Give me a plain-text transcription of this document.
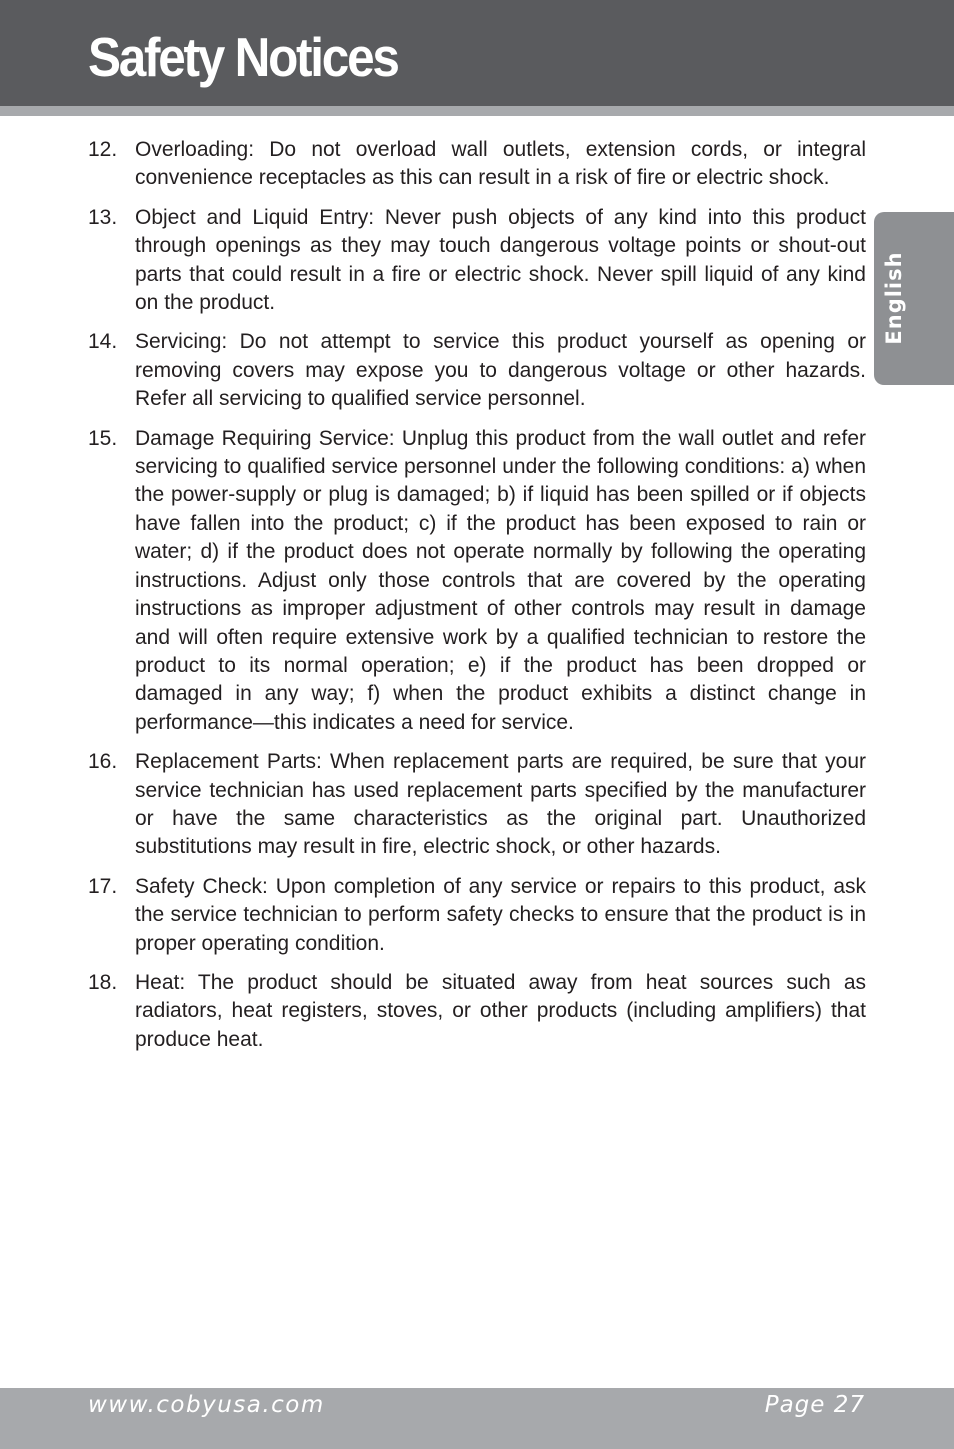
Safety Notices
English
12. Overloading: Do not overload wall outlets, extension cords, or integral convenience receptacles as this can result in a risk of fire or electric shock.
13. Object and Liquid Entry: Never push objects of any kind into this product through openings as they may touch dangerous voltage points or shout-out parts that could result in a fire or electric shock. Never spill liquid of any kind on the product.
14. Servicing: Do not attempt to service this product yourself as opening or removing covers may expose you to dangerous voltage or other hazards. Refer all servicing to qualified service personnel.
15. Damage Requiring Service: Unplug this product from the wall outlet and refer servicing to qualified service personnel under the following conditions: a) when the power-supply or plug is damaged; b) if liquid has been spilled or if objects have fallen into the product; c) if the product has been exposed to rain or water; d) if the product does not operate normally by following the operating instructions. Adjust only those controls that are covered by the operating instructions as improper adjustment of other controls may result in damage and will often require extensive work by a qualified technician to restore the product to its normal operation; e) if the product has been dropped or damaged in any way; f) when the product exhibits a distinct change in performance—this indicates a need for service.
16. Replacement Parts: When replacement parts are required, be sure that your service technician has used replacement parts specified by the manufacturer or have the same characteristics as the original part. Unauthorized substitutions may result in fire, electric shock, or other hazards.
17. Safety Check: Upon completion of any service or repairs to this product, ask the service technician to perform safety checks to ensure that the product is in proper operating condition.
18. Heat: The product should be situated away from heat sources such as radiators, heat registers, stoves, or other products (including amplifiers) that produce heat.
www.cobyusa.com	Page 27
